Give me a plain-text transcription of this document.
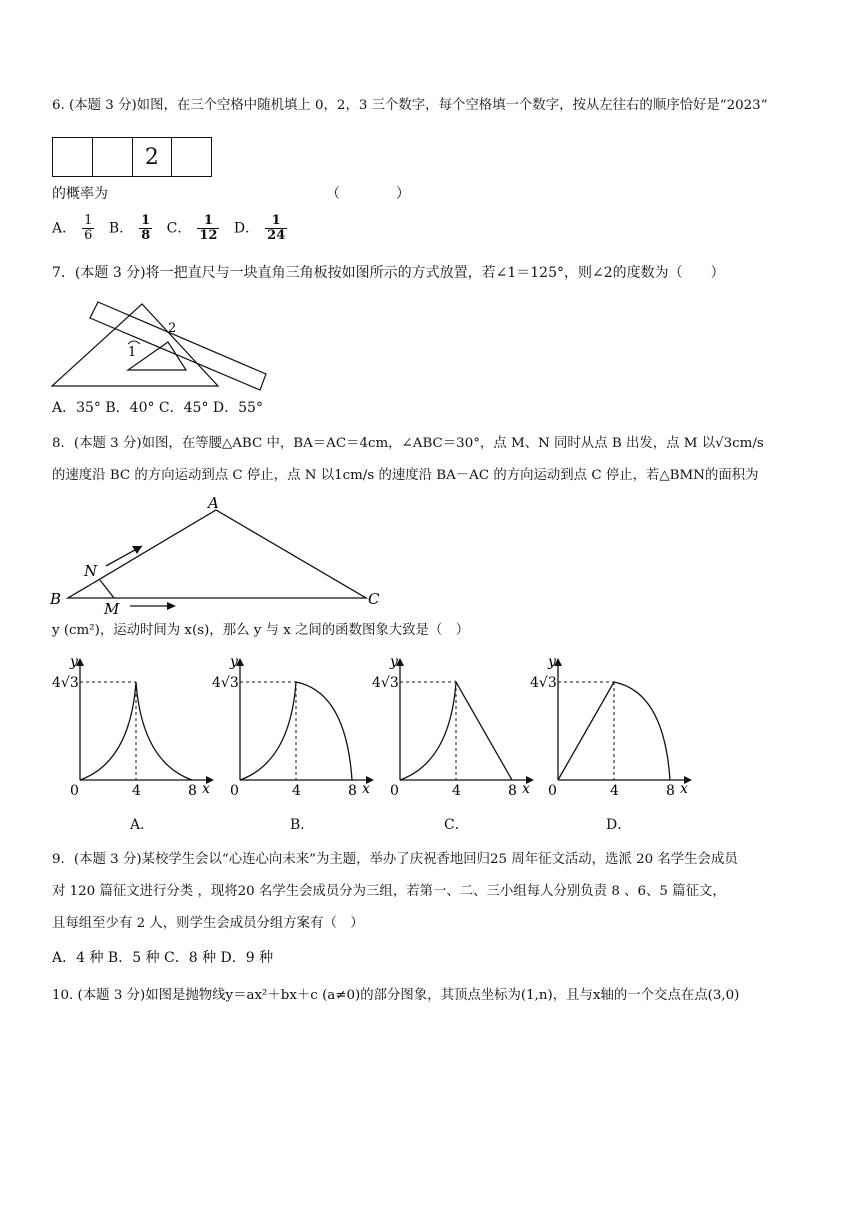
6. (本题 3 分)如图，在三个空格中随机填上 0，2，3 三个数字，每个空格填一个数字，按从左往右的顺序恰好是“2023”
2
的概率为	（　　　　）
A． $\frac{1}{6}$ B． $\frac{1}{8}$ C． $\frac{1}{12}$ D． $\frac{1}{24}$
7．(本题 3 分)将一把直尺与一块直角三角板按如图所示的方式放置，若∠1＝125°，则∠2的度数为（　　）
1
2
A．35° B．40° C．45° D．55°
8．(本题 3 分)如图，在等腰△ABC 中，BA＝AC＝4cm，∠ABC＝30°，点 M、N 同时从点 B 出发，点 M 以√3cm/s
的速度沿 BC 的方向运动到点 C 停止，点 N 以1cm/s 的速度沿 BA－AC 的方向运动到点 C 停止，若△BMN的面积为
A
B	C
N
M
y (cm²)，运动时间为 x(s)，那么 y 与 x 之间的函数图象大致是（　）
y
4√3
0	4	8 x
y
4√3
0	4	8 x
y
4√3
0	4	8 x
y
4√3
0	4	8 x
A．	B．	C．	D．
9．(本题 3 分)某校学生会以“心连心向未来”为主题，举办了庆祝香地回归25 周年征文活动，选派 20 名学生会成员
对 120 篇征文进行分类 ，现将20 名学生会成员分为三组，若第一、二、三小组每人分别负责 8 、6、5 篇征文，
且每组至少有 2 人，则学生会成员分组方案有（　）
A．4 种 B．5 种 C．8 种 D．9 种
10. (本题 3 分)如图是抛物线y＝ax²＋bx＋c (a≠0)的部分图象，其顶点坐标为(1,n)，且与x轴的一个交点在点(3,0)
